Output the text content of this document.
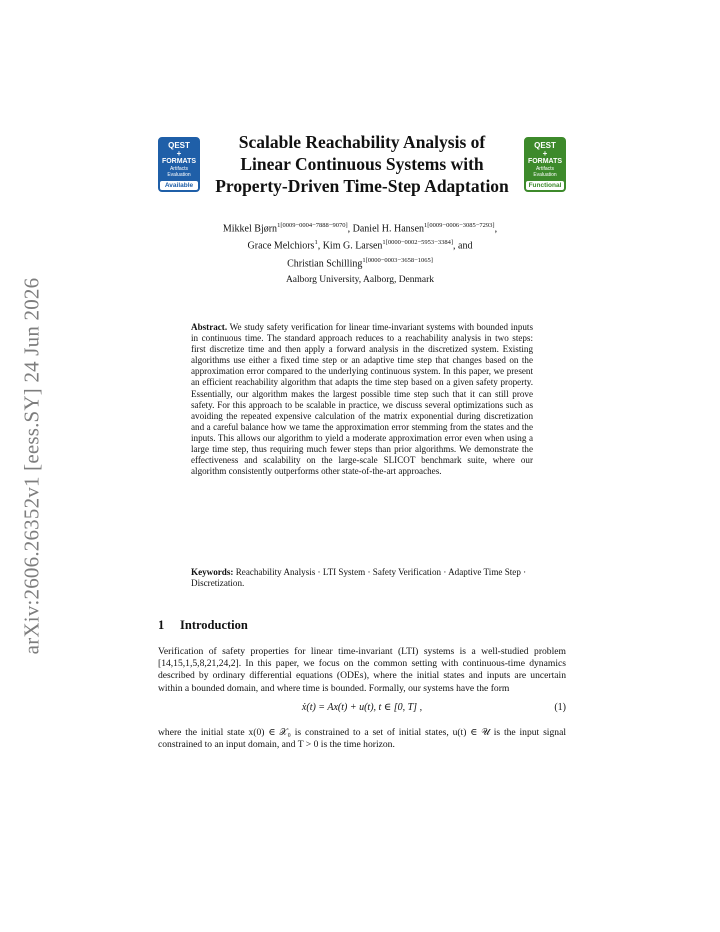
arXiv:2606.26352v1 [eess.SY] 24 Jun 2026
QEST
+
FORMATS
Artifacts Evaluation
Available
QEST
+
FORMATS
Artifacts Evaluation
Functional
Scalable Reachability Analysis of
Linear Continuous Systems with
Property-Driven Time-Step Adaptation
Mikkel Bjørn$^{1[0009-0004-7888-9070]}$, Daniel H. Hansen$^{1[0009-0006-3085-7293]}$,
Grace Melchiors$^1$, Kim G. Larsen$^{1[0000-0002-5953-3384]}$, and
Christian Schilling$^{1[0000-0003-3658-1065]}$
Aalborg University, Aalborg, Denmark
Abstract. We study safety verification for linear time-invariant systems with bounded inputs in continuous time. The standard approach reduces to a reachability analysis in two steps: first discretize time and then apply a forward analysis in the discretized system. Existing algorithms use either a fixed time step or an adaptive time step that changes based on the approximation error compared to the underlying continuous system. In this paper, we present an efficient reachability algorithm that adapts the time step based on a given safety property. Essentially, our algorithm makes the largest possible time step such that it can still prove safety. For this approach to be scalable in practice, we discuss several optimizations such as avoiding the repeated expensive calculation of the matrix exponential during discretization and a careful balance how we tame the approximation error stemming from the states and the inputs. This allows our algorithm to yield a moderate approximation error even when using a large time step, thus requiring much fewer steps than prior algorithms. We demonstrate the effectiveness and scalability on the large-scale SLICOT benchmark suite, where our algorithm consistently outperforms other state-of-the-art approaches.
Keywords: Reachability Analysis · LTI System · Safety Verification · Adaptive Time Step · Discretization.
1 Introduction
Verification of safety properties for linear time-invariant (LTI) systems is a well-studied problem [14,15,1,5,8,21,24,2]. In this paper, we focus on the common setting with continuous-time dynamics described by ordinary differential equations (ODEs), where the initial states and inputs are uncertain within a bounded domain, and where time is bounded. Formally, our systems have the form
ẋ(t) = Ax(t) + u(t), t ∈ [0, T] ,	(1)
where the initial state x(0) ∈ 𝒳₀ is constrained to a set of initial states, u(t) ∈ 𝒰 is the input signal constrained to an input domain, and T > 0 is the time horizon.
